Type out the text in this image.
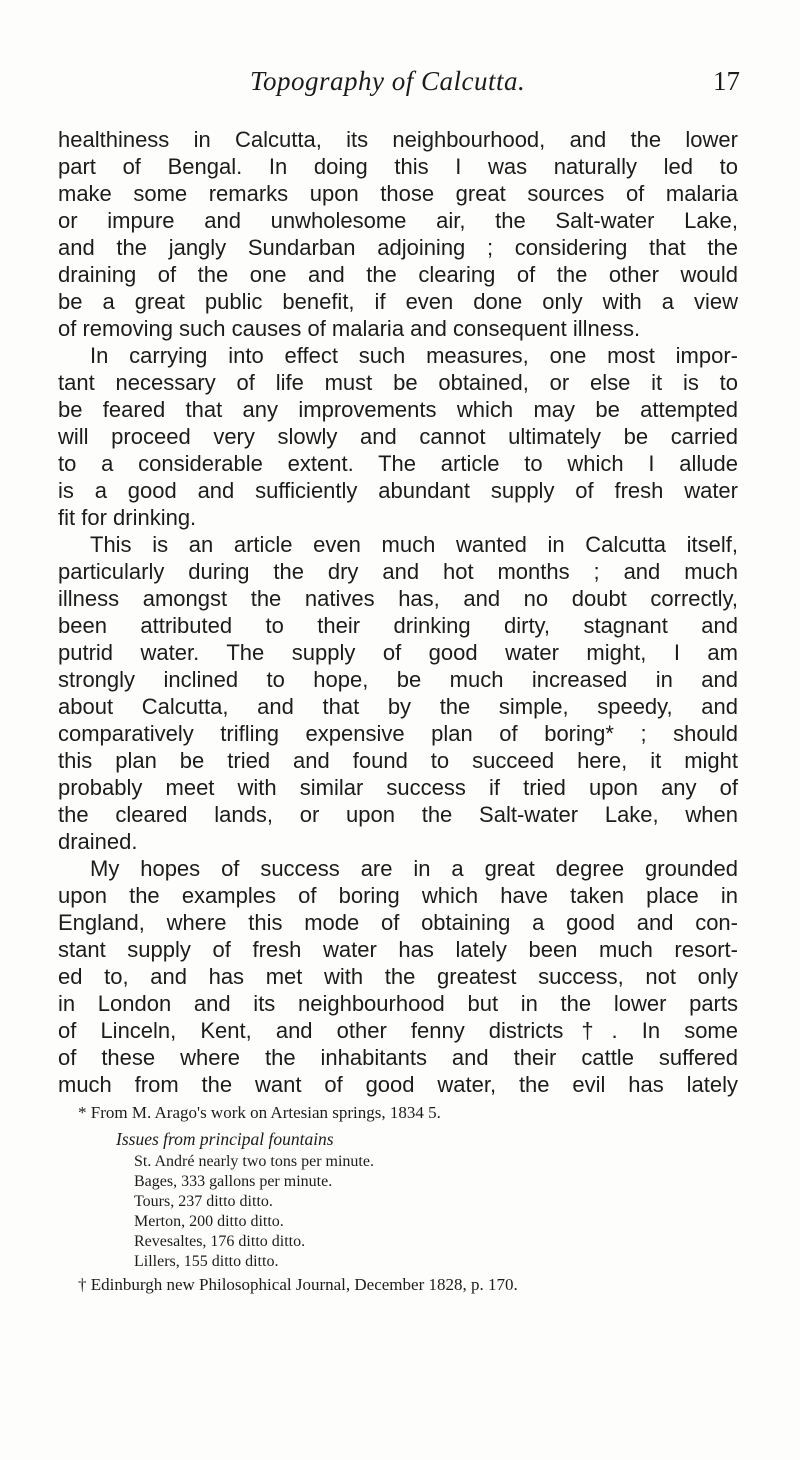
Topography of Calcutta.	17
healthiness in Calcutta, its neighbourhood, and the lower
part of Bengal. In doing this I was naturally led to
make some remarks upon those great sources of malaria
or impure and unwholesome air, the Salt-water Lake,
and the jangly Sundarban adjoining ; considering that the
draining of the one and the clearing of the other would
be a great public benefit, if even done only with a view
of removing such causes of malaria and consequent illness.
In carrying into effect such measures, one most impor-
tant necessary of life must be obtained, or else it is to
be feared that any improvements which may be attempted
will proceed very slowly and cannot ultimately be carried
to a considerable extent. The article to which I allude
is a good and sufficiently abundant supply of fresh water
fit for drinking.
This is an article even much wanted in Calcutta itself,
particularly during the dry and hot months ; and much
illness amongst the natives has, and no doubt correctly,
been attributed to their drinking dirty, stagnant and
putrid water. The supply of good water might, I am
strongly inclined to hope, be much increased in and
about Calcutta, and that by the simple, speedy, and
comparatively trifling expensive plan of boring* ; should
this plan be tried and found to succeed here, it might
probably meet with similar success if tried upon any of
the cleared lands, or upon the Salt-water Lake, when
drained.
My hopes of success are in a great degree grounded
upon the examples of boring which have taken place in
England, where this mode of obtaining a good and con-
stant supply of fresh water has lately been much resort-
ed to, and has met with the greatest success, not only
in London and its neighbourhood but in the lower parts
of Linceln, Kent, and other fenny districts†. In some
of these where the inhabitants and their cattle suffered
much from the want of good water, the evil has lately
* From M. Arago's work on Artesian springs, 1834 5.
Issues from principal fountains
St. André nearly two tons per minute.
Bages, 333 gallons per minute.
Tours, 237 ditto ditto.
Merton, 200 ditto ditto.
Revesaltes, 176 ditto ditto.
Lillers, 155 ditto ditto.
† Edinburgh new Philosophical Journal, December 1828, p. 170.
